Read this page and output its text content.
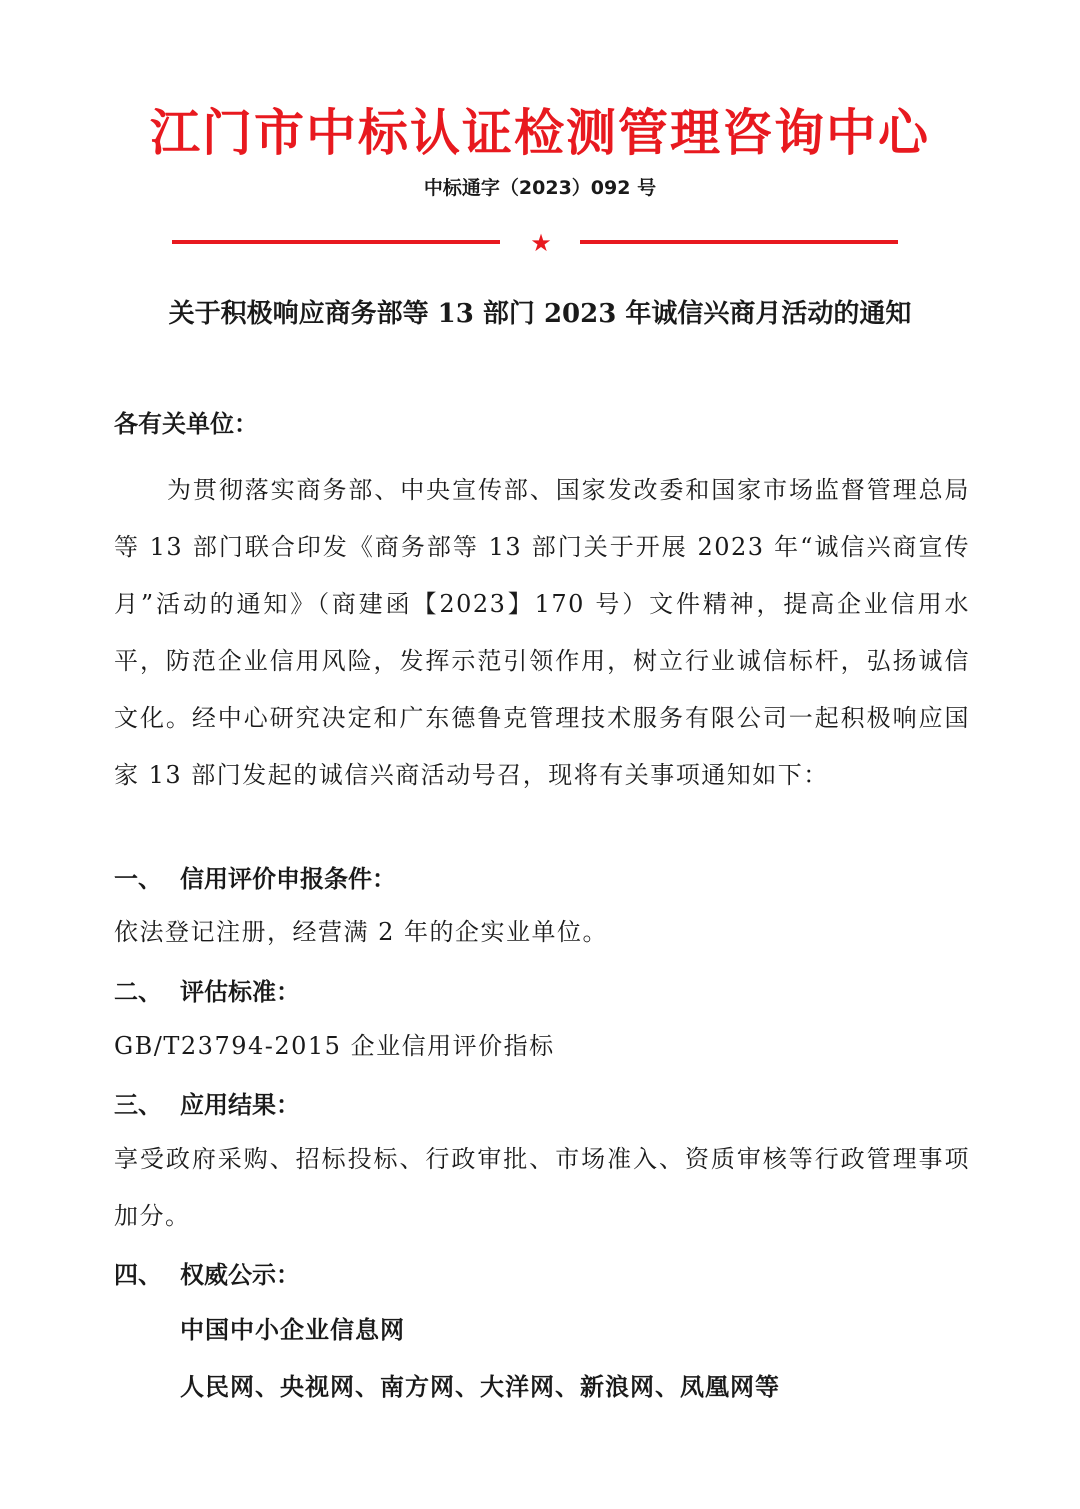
江门市中标认证检测管理咨询中心
中标通字（2023）092 号
★
关于积极响应商务部等 13 部门 2023 年诚信兴商月活动的通知
各有关单位：
为贯彻落实商务部、中央宣传部、国家发改委和国家市场监督管理总局等 13 部门联合印发《商务部等 13 部门关于开展 2023 年“诚信兴商宣传月”活动的通知》（商建函【2023】170 号）文件精神，提高企业信用水平，防范企业信用风险，发挥示范引领作用，树立行业诚信标杆，弘扬诚信文化。经中心研究决定和广东德鲁克管理技术服务有限公司一起积极响应国家 13 部门发起的诚信兴商活动号召，现将有关事项通知如下：
一、 信用评价申报条件：
依法登记注册，经营满 2 年的企实业单位。
二、 评估标准：
GB/T23794-2015 企业信用评价指标
三、 应用结果：
享受政府采购、招标投标、行政审批、市场准入、资质审核等行政管理事项加分。
四、 权威公示：
中国中小企业信息网
人民网、央视网、南方网、大洋网、新浪网、凤凰网等
